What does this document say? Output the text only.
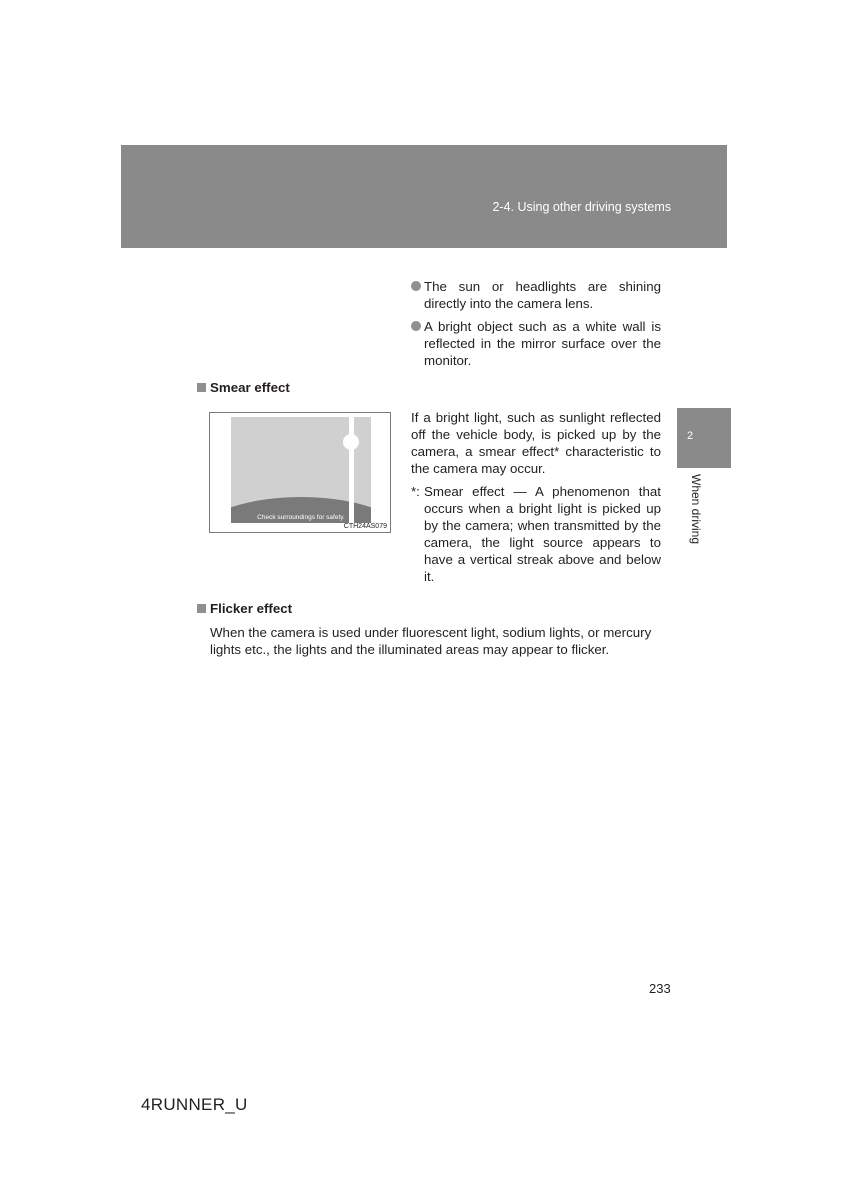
2-4. Using other driving systems
2
When driving
The sun or headlights are shining directly into the camera lens.
A bright object such as a white wall is reflected in the mirror surface over the monitor.
Smear effect
Check surroundings for safety.
CTH24AS079
If a bright light, such as sunlight reflected off the vehicle body, is picked up by the camera, a smear effect* characteristic to the camera may occur.
*: Smear effect — A phenomenon that occurs when a bright light is picked up by the camera; when transmitted by the camera, the light source appears to have a vertical streak above and below it.
Flicker effect
When the camera is used under fluorescent light, sodium lights, or mercury lights etc., the lights and the illuminated areas may appear to flicker.
233
4RUNNER_U
